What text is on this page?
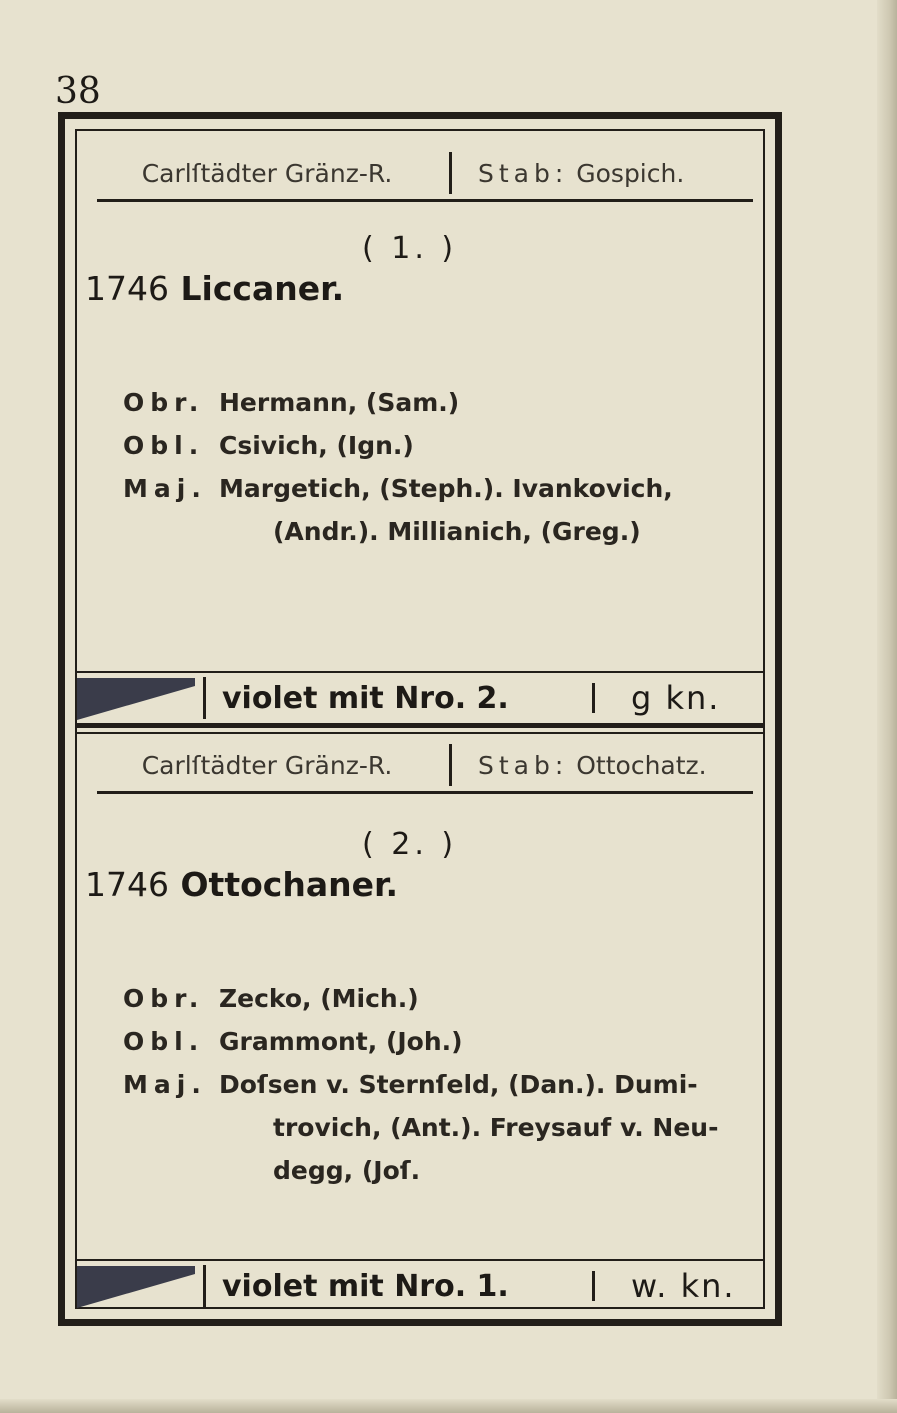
38
Carlſtädter Gränz-R.	Stab: Gospich.
( 1. )
1746 Liccaner.
Obr. Hermann, (Sam.)
Obl. Csivich, (Ign.)
Maj. Margetich, (Steph.). Ivankovich,
(Andr.). Millianich, (Greg.)
violet mit Nro. 2.	g kn.
Carlſtädter Gränz-R.	Stab: Ottochatz.
( 2. )
1746 Ottochaner.
Obr. Zecko, (Mich.)
Obl. Grammont, (Joh.)
Maj. Doſsen v. Sternſeld, (Dan.). Dumi-
trovich, (Ant.). Freysauf v. Neu-
degg, (Joſ.
violet mit Nro. 1.	w. kn.
